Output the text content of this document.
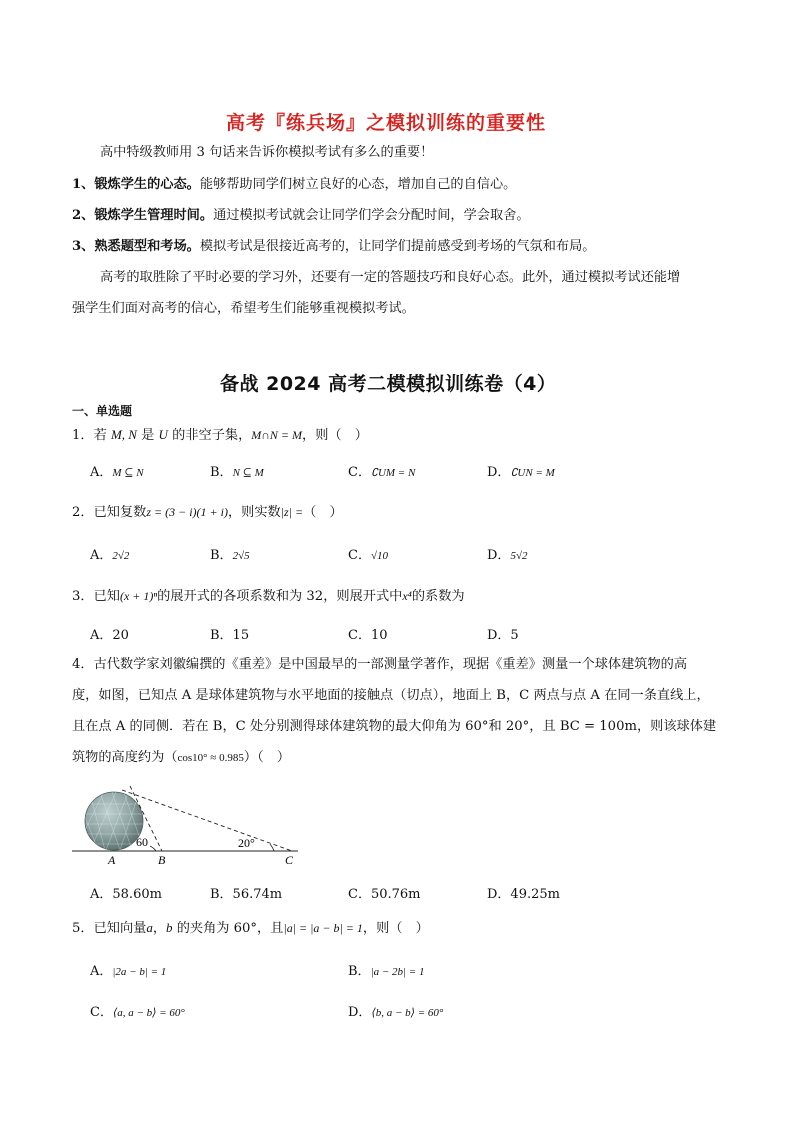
高考『练兵场』之模拟训练的重要性
高中特级教师用 3 句话来告诉你模拟考试有多么的重要！
1、锻炼学生的心态。能够帮助同学们树立良好的心态，增加自己的自信心。
2、锻炼学生管理时间。通过模拟考试就会让同学们学会分配时间，学会取舍。
3、熟悉题型和考场。模拟考试是很接近高考的，让同学们提前感受到考场的气氛和布局。
高考的取胜除了平时必要的学习外，还要有一定的答题技巧和良好心态。此外，通过模拟考试还能增
强学生们面对高考的信心，希望考生们能够重视模拟考试。
备战 2024 高考二模模拟训练卷（4）
一、单选题
1．若 M, N 是 U 的非空子集，M∩N = M，则（　）
A．M ⊆ N	B．N ⊆ M	C．∁UM = N	D．∁UN = M
2．已知复数z = (3 − i)(1 + i)，则实数|z| =（　）
A．2√2	B．2√5	C．√10	D．5√2
3．已知(x + 1)ⁿ的展开式的各项系数和为 32，则展开式中x⁴的系数为
A．20	B．15	C．10	D．5
4．古代数学家刘徽编撰的《重差》是中国最早的一部测量学著作，现据《重差》测量一个球体建筑物的高
度，如图，已知点 A 是球体建筑物与水平地面的接触点（切点），地面上 B，C 两点与点 A 在同一条直线上，
且在点 A 的同侧．若在 B，C 处分别测得球体建筑物的最大仰角为 60°和 20°，且 BC = 100m，则该球体建
筑物的高度约为（cos10° ≈ 0.985）（　）
60	20°
A	B	C
A．58.60m	B．56.74m	C．50.76m	D．49.25m
5．已知向量a，b 的夹角为 60°，且|a| = |a − b| = 1，则（　）
A．|2a − b| = 1	B．|a − 2b| = 1
C．⟨a, a − b⟩ = 60°	D．⟨b, a − b⟩ = 60°
